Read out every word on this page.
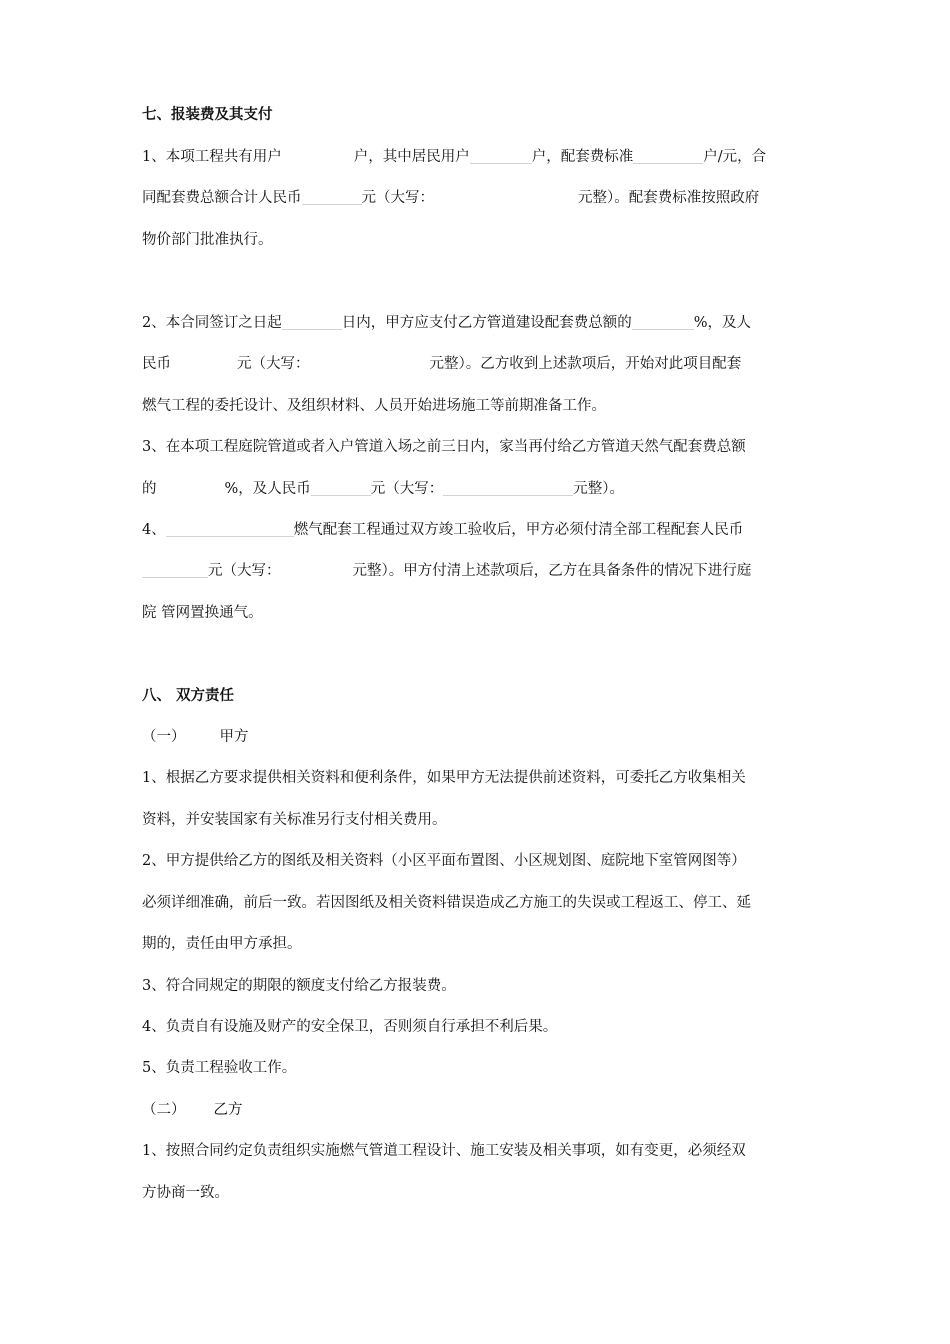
七、报装费及其支付
1、本项工程共有用户	户，其中居民用户	户，配套费标准	户/元，合
同配套费总额合计人民币	元（大写：	元整）。配套费标准按照政府
物价部门批准执行。
2、本合同签订之日起	日内，甲方应支付乙方管道建设配套费总额的	%，及人
民币	元（大写：	元整）。乙方收到上述款项后，开始对此项目配套
燃气工程的委托设计、及组织材料、人员开始进场施工等前期准备工作。
3、在本项工程庭院管道或者入户管道入场之前三日内，家当再付给乙方管道天然气配套费总额
的	%，及人民币	元（大写：	元整）。
4、	燃气配套工程通过双方竣工验收后，甲方必须付清全部工程配套人民币
元（大写：	元整）。甲方付清上述款项后，乙方在具备条件的情况下进行庭
院 管网置换通气。
八、 双方责任
（一） 甲方
1、根据乙方要求提供相关资料和便利条件，如果甲方无法提供前述资料，可委托乙方收集相关
资料，并安装国家有关标准另行支付相关费用。
2、甲方提供给乙方的图纸及相关资料（小区平面布置图、小区规划图、庭院地下室管网图等）
必须详细准确，前后一致。若因图纸及相关资料错误造成乙方施工的失误或工程返工、停工、延
期的，责任由甲方承担。
3、符合同规定的期限的额度支付给乙方报装费。
4、负责自有设施及财产的安全保卫，否则须自行承担不利后果。
5、负责工程验收工作。
（二） 乙方
1、按照合同约定负责组织实施燃气管道工程设计、施工安装及相关事项，如有变更，必须经双
方协商一致。
